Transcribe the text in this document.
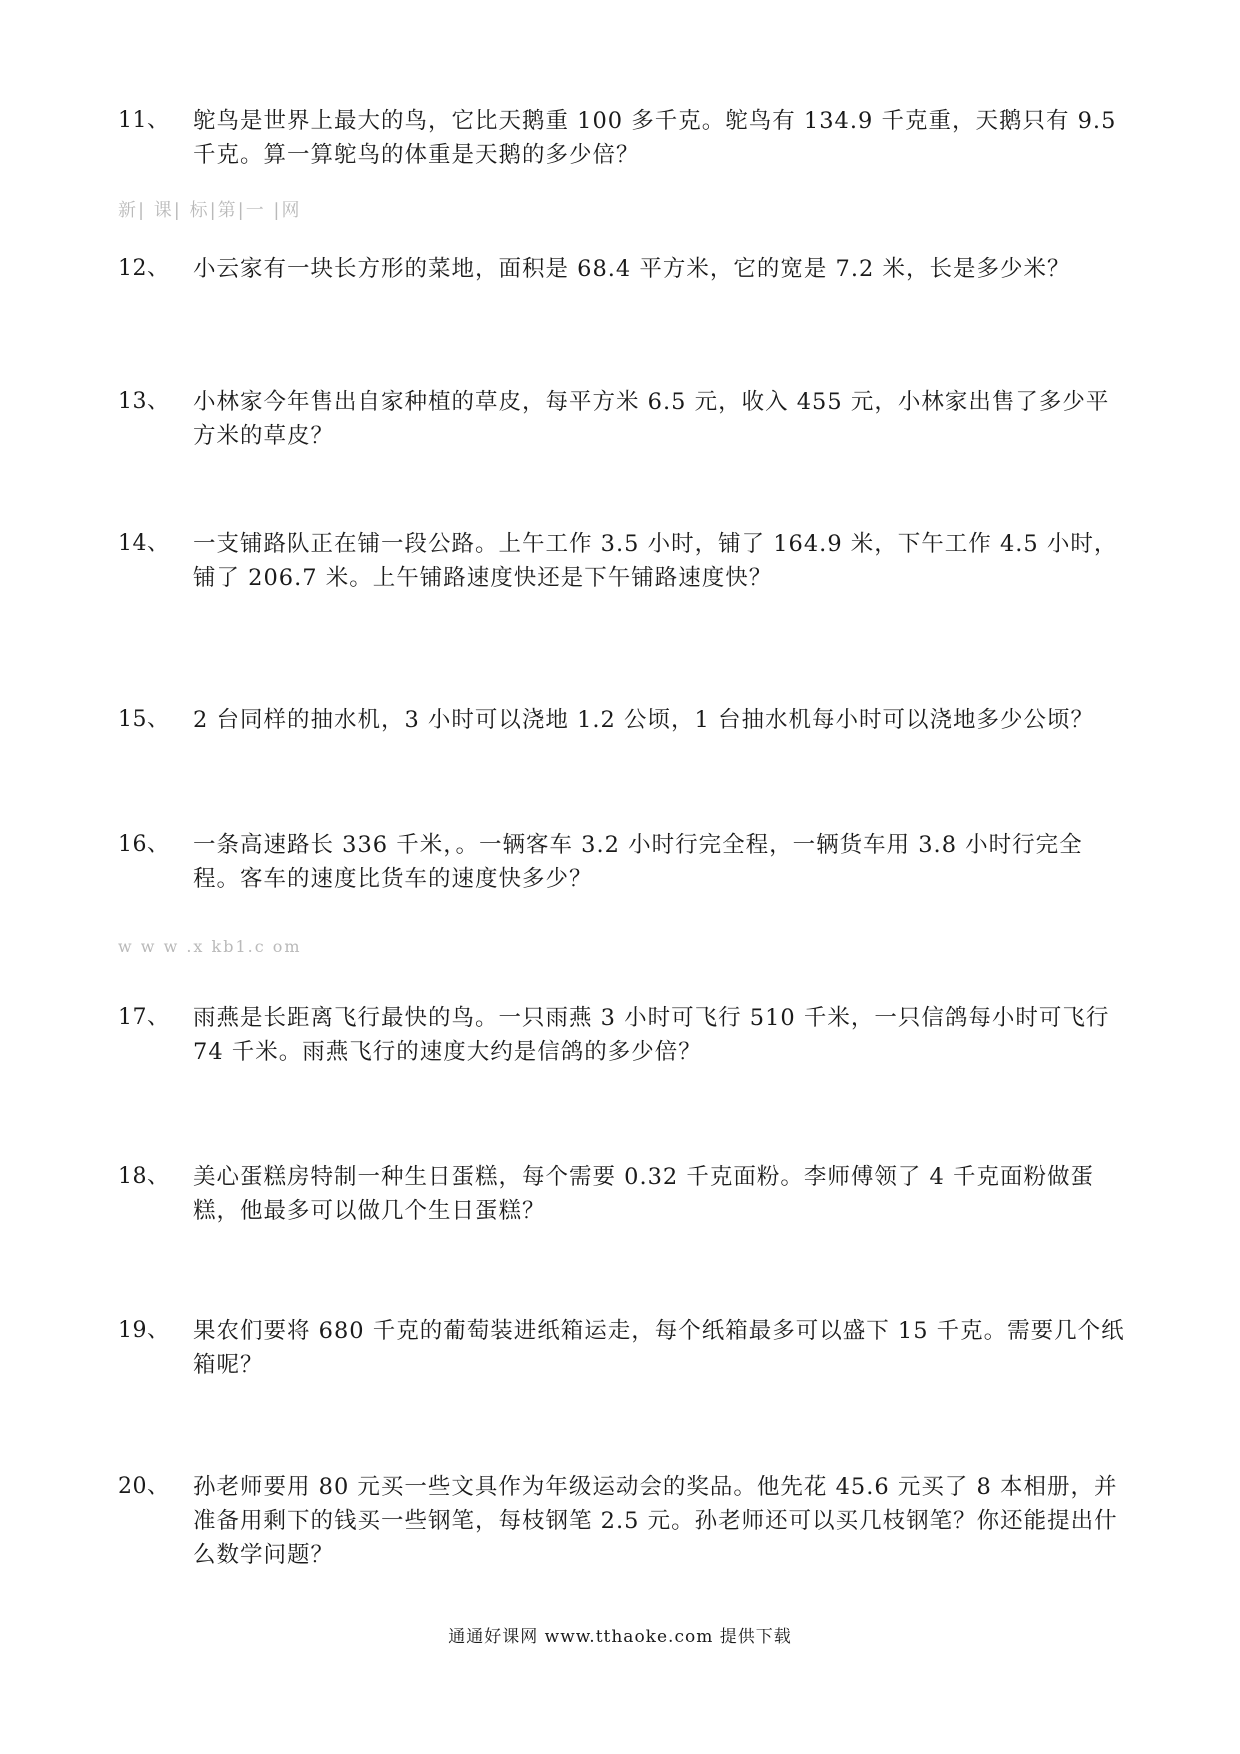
11、 鸵鸟是世界上最大的鸟，它比天鹅重 100 多千克。鸵鸟有 134.9 千克重，天鹅只有 9.5 千克。算一算鸵鸟的体重是天鹅的多少倍？
新| 课| 标|第|一 |网
12、 小云家有一块长方形的菜地，面积是 68.4 平方米，它的宽是 7.2 米，长是多少米？
13、 小林家今年售出自家种植的草皮，每平方米 6.5 元，收入 455 元，小林家出售了多少平方米的草皮？
14、 一支铺路队正在铺一段公路。上午工作 3.5 小时，铺了 164.9 米，下午工作 4.5 小时，铺了 206.7 米。上午铺路速度快还是下午铺路速度快？
15、 2 台同样的抽水机，3 小时可以浇地 1.2 公顷，1 台抽水机每小时可以浇地多少公顷？
16、 一条高速路长 336 千米，。一辆客车 3.2 小时行完全程，一辆货车用 3.8 小时行完全程。客车的速度比货车的速度快多少？
w w w .x kb1.c om
17、 雨燕是长距离飞行最快的鸟。一只雨燕 3 小时可飞行 510 千米，一只信鸽每小时可飞行 74 千米。雨燕飞行的速度大约是信鸽的多少倍？
18、 美心蛋糕房特制一种生日蛋糕，每个需要 0.32 千克面粉。李师傅领了 4 千克面粉做蛋糕，他最多可以做几个生日蛋糕？
19、 果农们要将 680 千克的葡萄装进纸箱运走，每个纸箱最多可以盛下 15 千克。需要几个纸箱呢？
20、 孙老师要用 80 元买一些文具作为年级运动会的奖品。他先花 45.6 元买了 8 本相册，并准备用剩下的钱买一些钢笔，每枝钢笔 2.5 元。孙老师还可以买几枝钢笔？你还能提出什么数学问题？
通通好课网 www.tthaoke.com 提供下载
